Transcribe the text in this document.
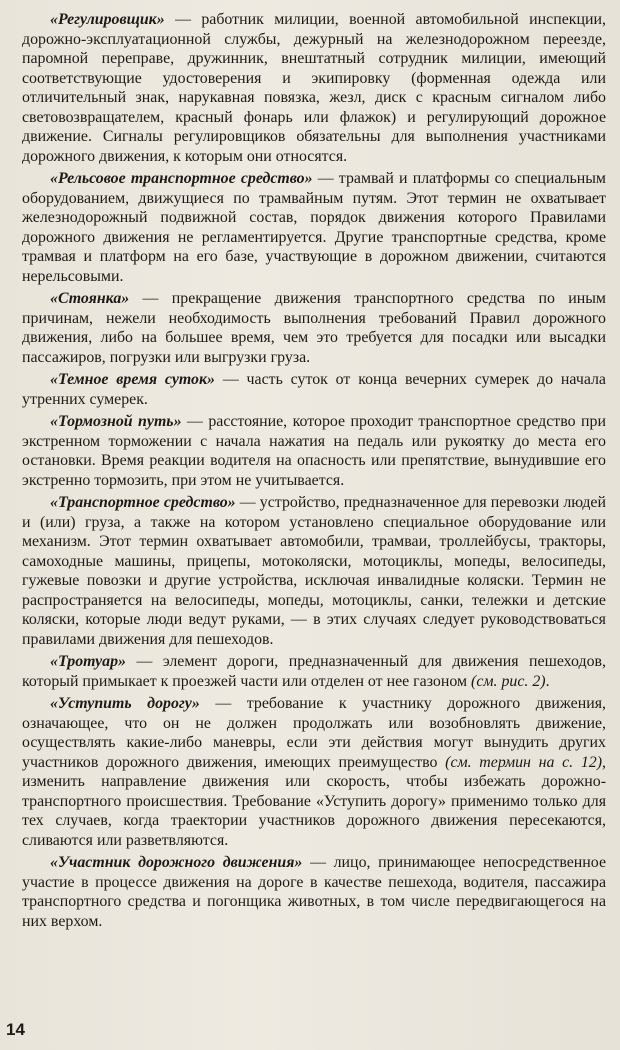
«Регулировщик» — работник милиции, военной автомобильной инспекции, дорожно-эксплуатационной службы, дежурный на железнодорожном переезде, паромной переправе, дружинник, внештатный сотрудник милиции, имеющий соответствующие удостоверения и экипировку (форменная одежда или отличительный знак, нарукавная повязка, жезл, диск с красным сигналом либо световозвращателем, красный фонарь или флажок) и регулирующий дорожное движение. Сигналы регулировщиков обязательны для выполнения участниками дорожного движения, к которым они относятся.

«Рельсовое транспортное средство» — трамвай и платформы со специальным оборудованием, движущиеся по трамвайным путям. Этот термин не охватывает железнодорожный подвижной состав, порядок движения которого Правилами дорожного движения не регламентируется. Другие транспортные средства, кроме трамвая и платформ на его базе, участвующие в дорожном движении, считаются нерельсовыми.

«Стоянка» — прекращение движения транспортного средства по иным причинам, нежели необходимость выполнения требований Правил дорожного движения, либо на большее время, чем это требуется для посадки или высадки пассажиров, погрузки или выгрузки груза.

«Темное время суток» — часть суток от конца вечерних сумерек до начала утренних сумерек.

«Тормозной путь» — расстояние, которое проходит транспортное средство при экстренном торможении с начала нажатия на педаль или рукоятку до места его остановки. Время реакции водителя на опасность или препятствие, вынудившие его экстренно тормозить, при этом не учитывается.

«Транспортное средство» — устройство, предназначенное для перевозки людей и (или) груза, а также на котором установлено специальное оборудование или механизм. Этот термин охватывает автомобили, трамваи, троллейбусы, тракторы, самоходные машины, прицепы, мотоколяски, мотоциклы, мопеды, велосипеды, гужевые повозки и другие устройства, исключая инвалидные коляски. Термин не распространяется на велосипеды, мопеды, мотоциклы, санки, тележки и детские коляски, которые люди ведут руками, — в этих случаях следует руководствоваться правилами движения для пешеходов.

«Тротуар» — элемент дороги, предназначенный для движения пешеходов, который примыкает к проезжей части или отделен от нее газоном (см. рис. 2).

«Уступить дорогу» — требование к участнику дорожного движения, означающее, что он не должен продолжать или возобновлять движение, осуществлять какие-либо маневры, если эти действия могут вынудить других участников дорожного движения, имеющих преимущество (см. термин на с. 12), изменить направление движения или скорость, чтобы избежать дорожно-транспортного происшествия. Требование «Уступить дорогу» применимо только для тех случаев, когда траектории участников дорожного движения пересекаются, сливаются или разветвляются.

«Участник дорожного движения» — лицо, принимающее непосредственное участие в процессе движения на дороге в качестве пешехода, водителя, пассажира транспортного средства и погонщика животных, в том числе передвигающегося на них верхом.

14
